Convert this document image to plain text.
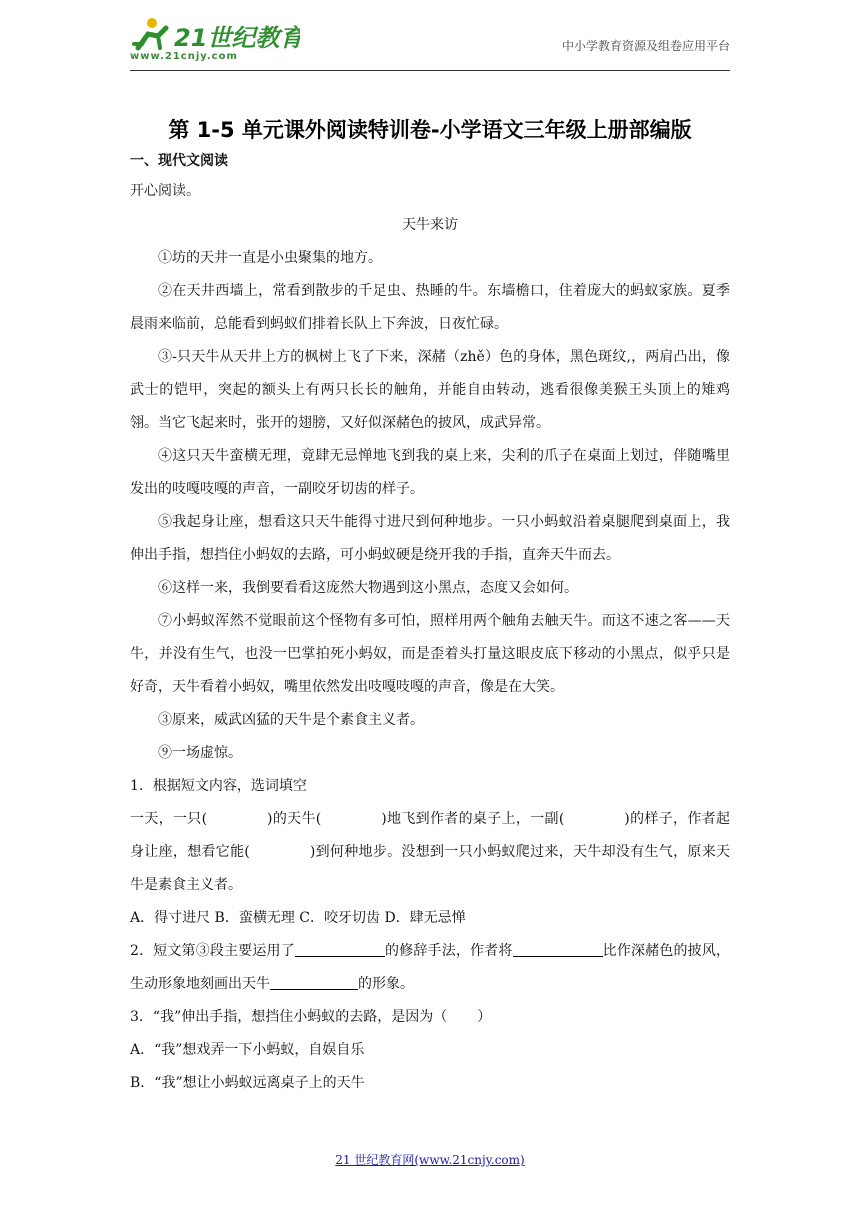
21世纪教育
www.21cnjy.com
中小学教育资源及组卷应用平台
第 1-5 单元课外阅读特训卷-小学语文三年级上册部编版
一、现代文阅读
开心阅读。
天牛来访

①坊的天井一直是小虫聚集的地方。

②在天井西墙上，常看到散步的千足虫、热睡的牛。东墙檐口，住着庞大的蚂蚁家族。夏季晨雨来临前，总能看到蚂蚁们排着长队上下奔波，日夜忙碌。

③-只天牛从天井上方的枫树上飞了下来，深赭（zhě）色的身体，黑色斑纹,，两肩凸出，像武士的铠甲，突起的额头上有两只长长的触角，并能自由转动，逃看很像美猴王头顶上的雉鸡翎。当它飞起来时，张开的翅膀，又好似深赭色的披风，成武异常。

④这只天牛蛮横无理，竟肆无忌惮地飞到我的桌上来，尖利的爪子在桌面上划过，伴随嘴里发出的吱嘎吱嘎的声音，一副咬牙切齿的样子。

⑤我起身让座，想看这只天牛能得寸进尺到何种地步。一只小蚂蚁沿着桌腿爬到桌面上，我伸出手指，想挡住小蚂奴的去路，可小蚂蚁硬是绕开我的手指，直奔天牛而去。

⑥这样一来，我倒要看看这庞然大物遇到这小黑点，态度又会如何。

⑦小蚂蚁浑然不觉眼前这个怪物有多可怕，照样用两个触角去触天牛。而这不速之客——天牛，并没有生气，也没一巴掌拍死小蚂奴，而是歪着头打量这眼皮底下移动的小黑点，似乎只是好奇，天牛看着小蚂奴，嘴里依然发出吱嘎吱嘎的声音，像是在大笑。

③原来，威武凶猛的天牛是个素食主义者。

⑨一场虚惊。

1．根据短文内容，选词填空

一天，一只(	)的天牛(	)地飞到作者的桌子上，一副(	)的样子，作者起身让座，想看它能(	)到何种地步。没想到一只小蚂蚁爬过来，天牛却没有生气，原来天牛是素食主义者。

A．得寸进尺 B．蛮横无理 C．咬牙切齿 D．肆无忌惮

2．短文第③段主要运用了	的修辞手法，作者将	比作深赭色的披风，生动形象地刻画出天牛	的形象。

3．“我”伸出手指，想挡住小蚂蚁的去路，是因为（ ）

A．“我”想戏弄一下小蚂蚁，自娱自乐

B．“我”想让小蚂蚁远离桌子上的天牛

21 世纪教育网(www.21cnjy.com)
